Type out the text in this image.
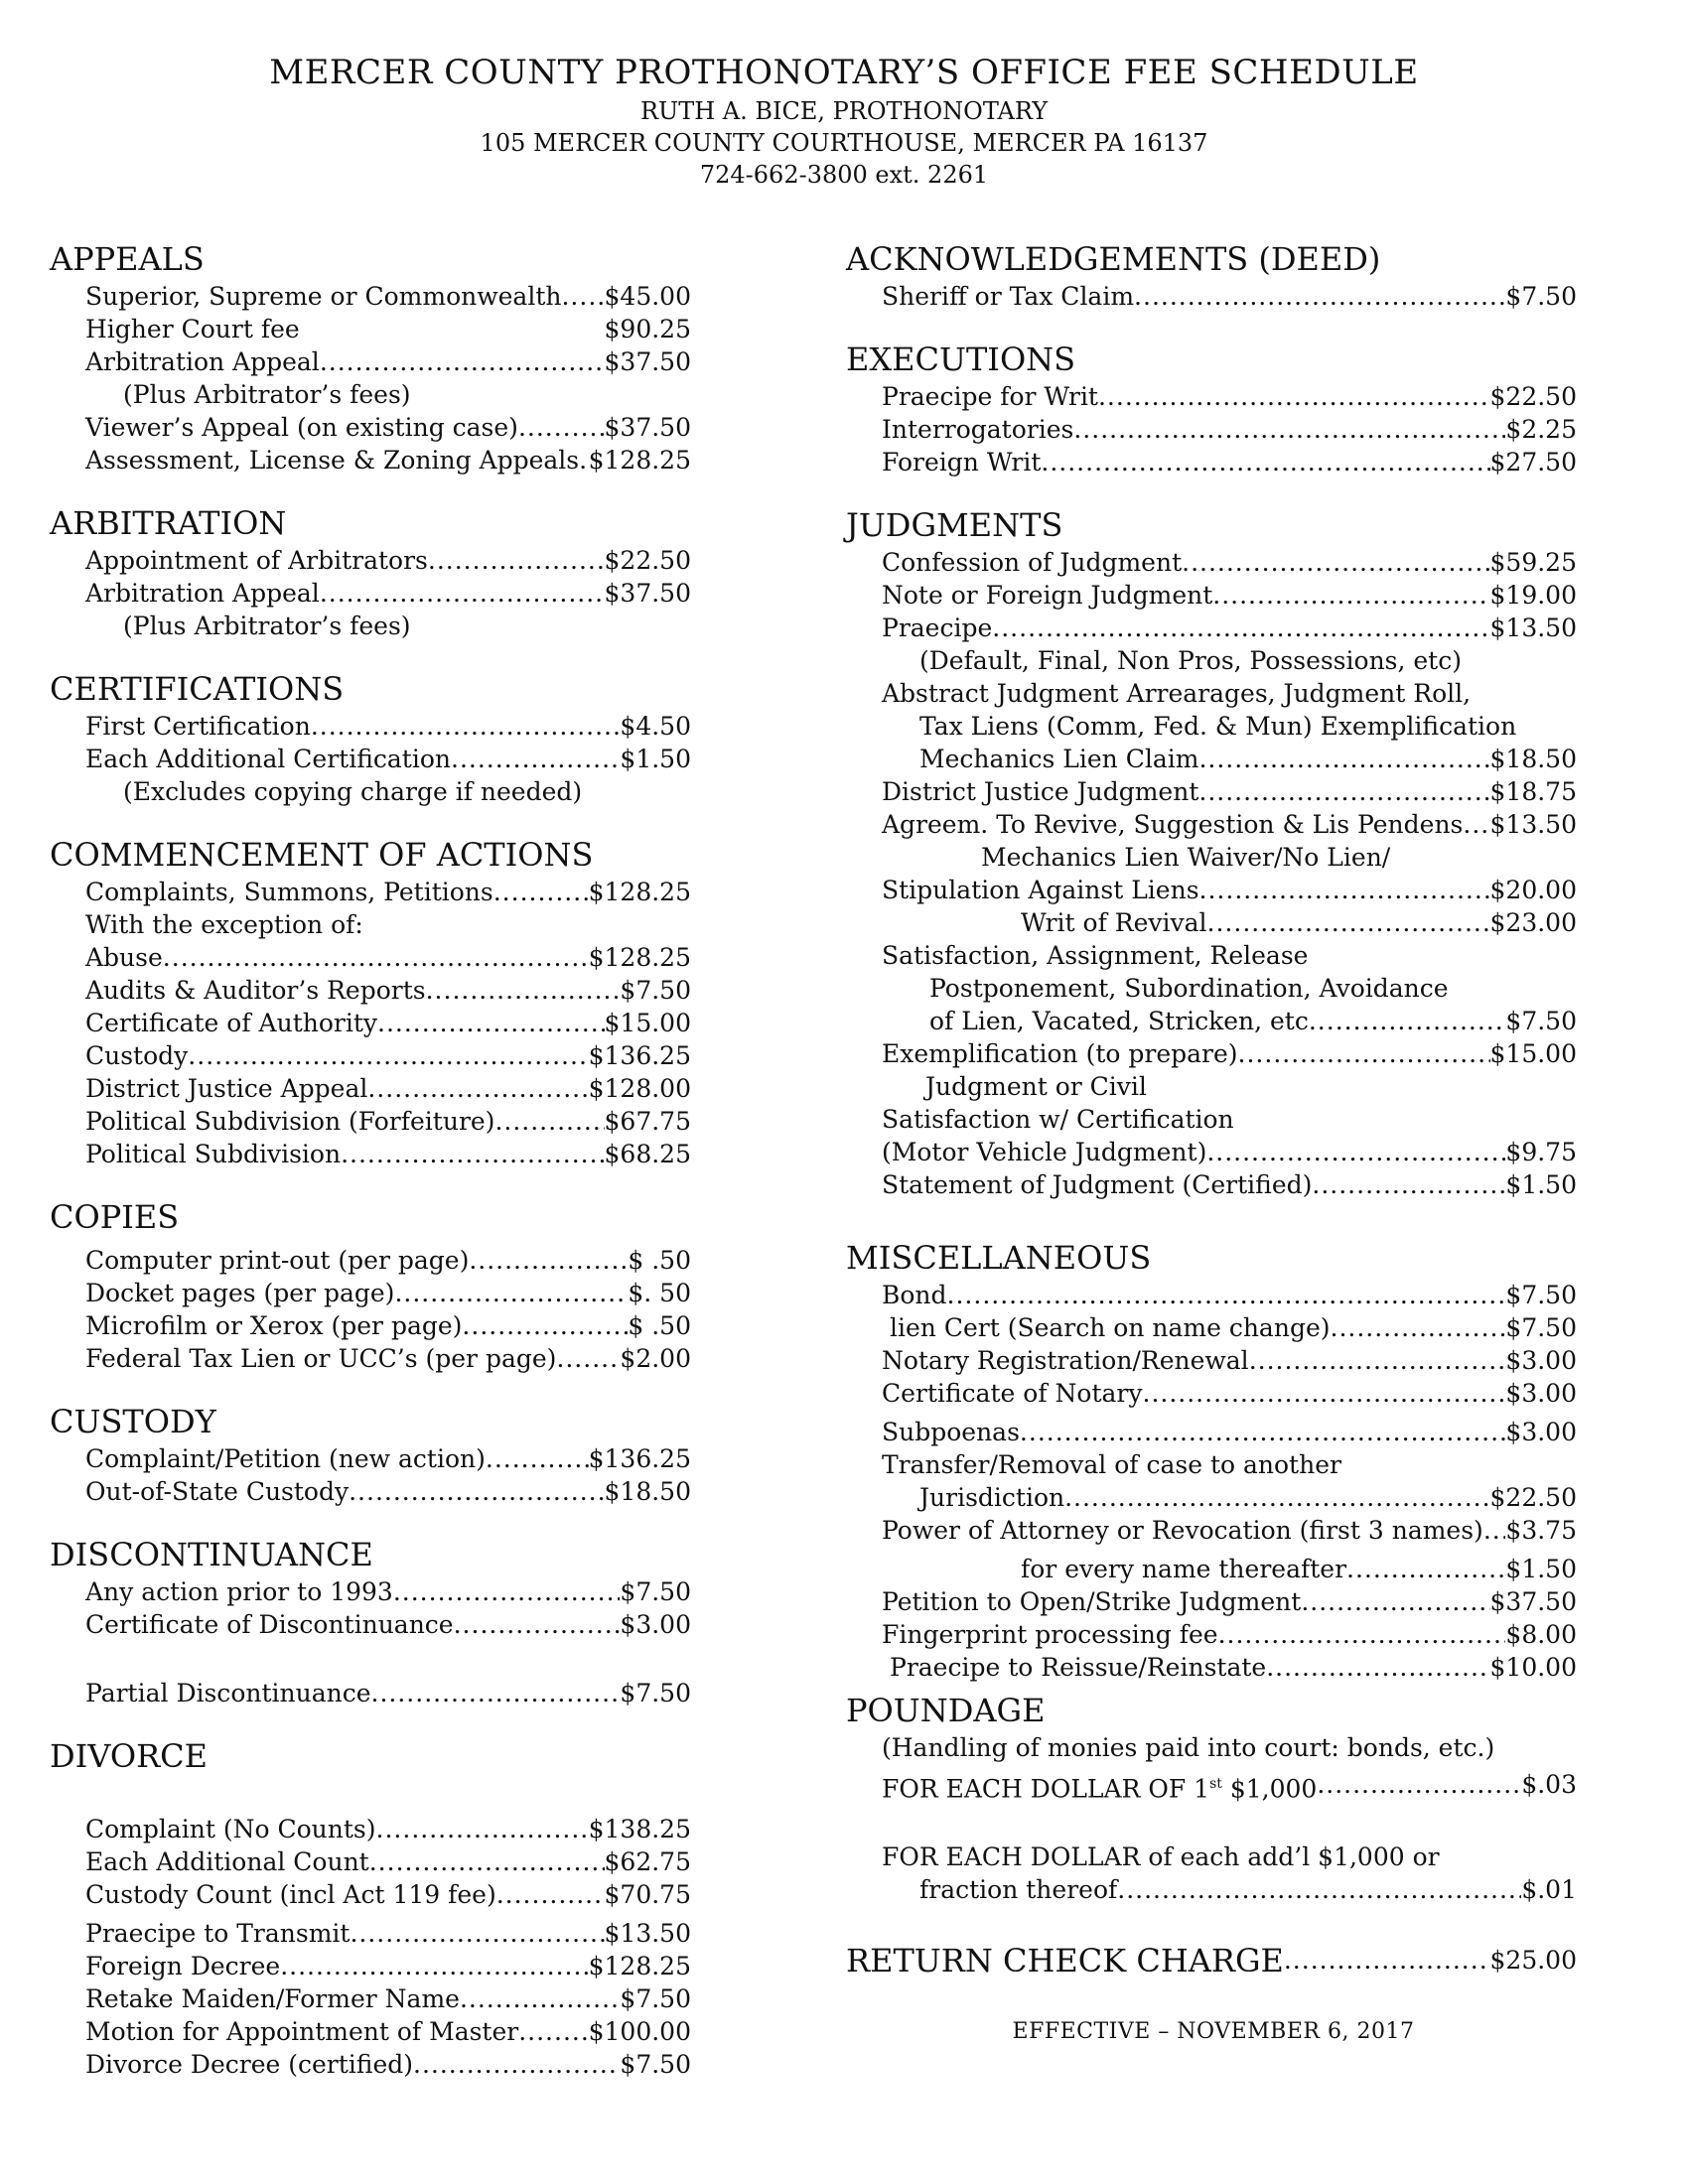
MERCER COUNTY PROTHONOTARY’S OFFICE FEE SCHEDULE
RUTH A. BICE, PROTHONOTARY
105 MERCER COUNTY COURTHOUSE, MERCER PA 16137
724-662-3800 ext. 2261
APPEALS
Superior, Supreme or Commonwealth ..... $45.00
Higher Court fee	$90.25
Arbitration Appeal .....	$37.50
(Plus Arbitrator’s fees)
Viewer’s Appeal (on existing case) .....	$37.50
Assessment, License & Zoning Appeals ..... $128.25
ARBITRATION
Appointment of Arbitrators .....	$22.50
Arbitration Appeal .....	$37.50
(Plus Arbitrator’s fees)
CERTIFICATIONS
First Certification .....	$4.50
Each Additional Certification .....	$1.50
(Excludes copying charge if needed)
COMMENCEMENT OF ACTIONS
Complaints, Summons, Petitions .....	$128.25
With the exception of:
Abuse .....	$128.25
Audits & Auditor’s Reports .....	$7.50
Certificate of Authority .....	$15.00
Custody .....	$136.25
District Justice Appeal .....	$128.00
Political Subdivision (Forfeiture) .....	$67.75
Political Subdivision .....	$68.25
COPIES
Computer print-out (per page) .....	$ .50
Docket pages (per page) .....	$. 50
Microfilm or Xerox (per page) .....	$ .50
Federal Tax Lien or UCC’s (per page) .....	$2.00
CUSTODY
Complaint/Petition (new action) .....	$136.25
Out-of-State Custody .....	$18.50
DISCONTINUANCE
Any action prior to 1993 .....	$7.50
Certificate of Discontinuance .....	$3.00
Partial Discontinuance .....	$7.50
DIVORCE
Complaint (No Counts) .....	$138.25
Each Additional Count .....	$62.75
Custody Count (incl Act 119 fee) .....	$70.75
Praecipe to Transmit .....	$13.50
Foreign Decree .....	$128.25
Retake Maiden/Former Name .....	$7.50
Motion for Appointment of Master .....	$100.00
Divorce Decree (certified) .....	$7.50
ACKNOWLEDGEMENTS (DEED)
Sheriff or Tax Claim .....	$7.50
EXECUTIONS
Praecipe for Writ .....	$22.50
Interrogatories .....	$2.25
Foreign Writ .....	$27.50
JUDGMENTS
Confession of Judgment .....	$59.25
Note or Foreign Judgment .....	$19.00
Praecipe .....	$13.50
(Default, Final, Non Pros, Possessions, etc)
Abstract Judgment Arrearages, Judgment Roll,
Tax Liens (Comm, Fed. & Mun) Exemplification
Mechanics Lien Claim .....	$18.50
District Justice Judgment .....	$18.75
Agreem. To Revive, Suggestion & Lis Pendens ..... $13.50
Mechanics Lien Waiver/No Lien/
Stipulation Against Liens .....	$20.00
Writ of Revival .....	$23.00
Satisfaction, Assignment, Release
Postponement, Subordination, Avoidance
of Lien, Vacated, Stricken, etc .....	$7.50
Exemplification (to prepare) .....	$15.00
Judgment or Civil
Satisfaction w/ Certification
(Motor Vehicle Judgment) .....	$9.75
Statement of Judgment (Certified) .....	$1.50
MISCELLANEOUS
Bond .....	$7.50
lien Cert (Search on name change) .....	$7.50
Notary Registration/Renewal .....	$3.00
Certificate of Notary .....	$3.00
Subpoenas .....	$3.00
Transfer/Removal of case to another
Jurisdiction .....	$22.50
Power of Attorney or Revocation (first 3 names) ..... $3.75
for every name thereafter .....	$1.50
Petition to Open/Strike Judgment .....	$37.50
Fingerprint processing fee .....	$8.00
Praecipe to Reissue/Reinstate .....	$10.00
POUNDAGE
(Handling of monies paid into court: bonds, etc.)
FOR EACH DOLLAR OF 1st $1,000 .....	$.03
FOR EACH DOLLAR of each add’l $1,000 or
fraction thereof .....	$.01
RETURN CHECK CHARGE .....	$25.00
EFFECTIVE – NOVEMBER 6, 2017
